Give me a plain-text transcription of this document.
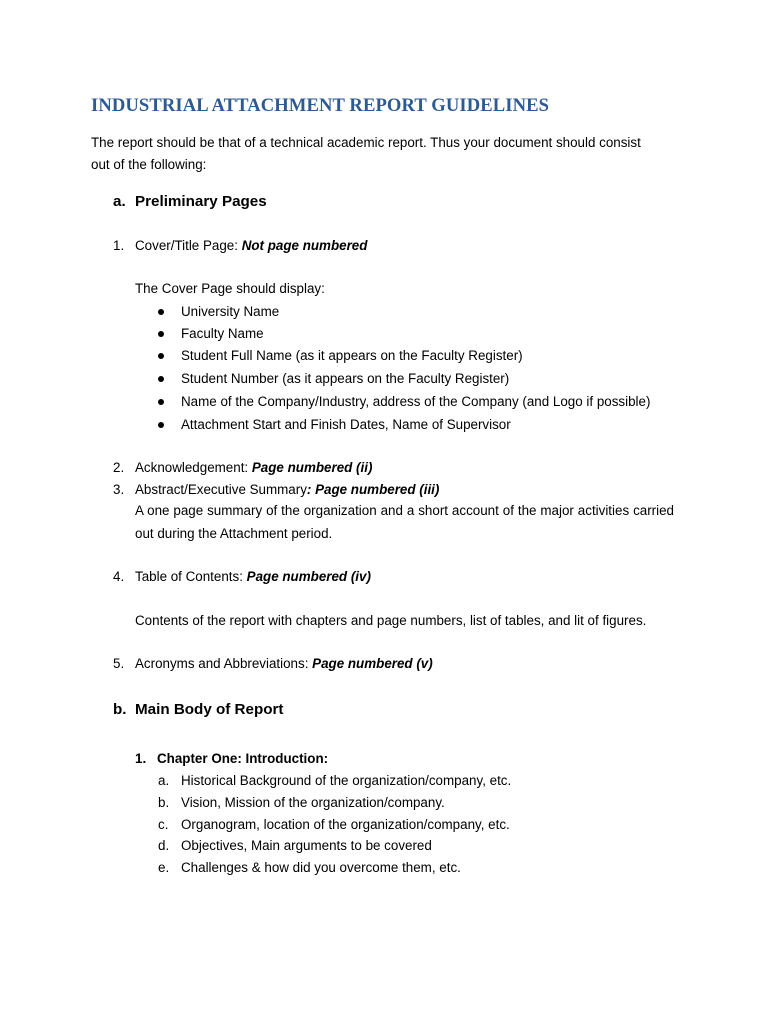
INDUSTRIAL ATTACHMENT REPORT GUIDELINES
The report should be that of a technical academic report. Thus your document should consist
out of the following:
a. Preliminary Pages
1. Cover/Title Page: Not page numbered
The Cover Page should display:
University Name
Faculty Name
Student Full Name (as it appears on the Faculty Register)
Student Number (as it appears on the Faculty Register)
Name of the Company/Industry, address of the Company (and Logo if possible)
Attachment Start and Finish Dates, Name of Supervisor
2. Acknowledgement: Page numbered (ii)
3. Abstract/Executive Summary: Page numbered (iii)
A one page summary of the organization and a short account of the major activities carried out during the Attachment period.
4. Table of Contents: Page numbered (iv)
Contents of the report with chapters and page numbers, list of tables, and lit of figures.
5. Acronyms and Abbreviations: Page numbered (v)
b. Main Body of Report
1. Chapter One: Introduction:
a. Historical Background of the organization/company, etc.
b. Vision, Mission of the organization/company.
c. Organogram, location of the organization/company, etc.
d. Objectives, Main arguments to be covered
e. Challenges & how did you overcome them, etc.
